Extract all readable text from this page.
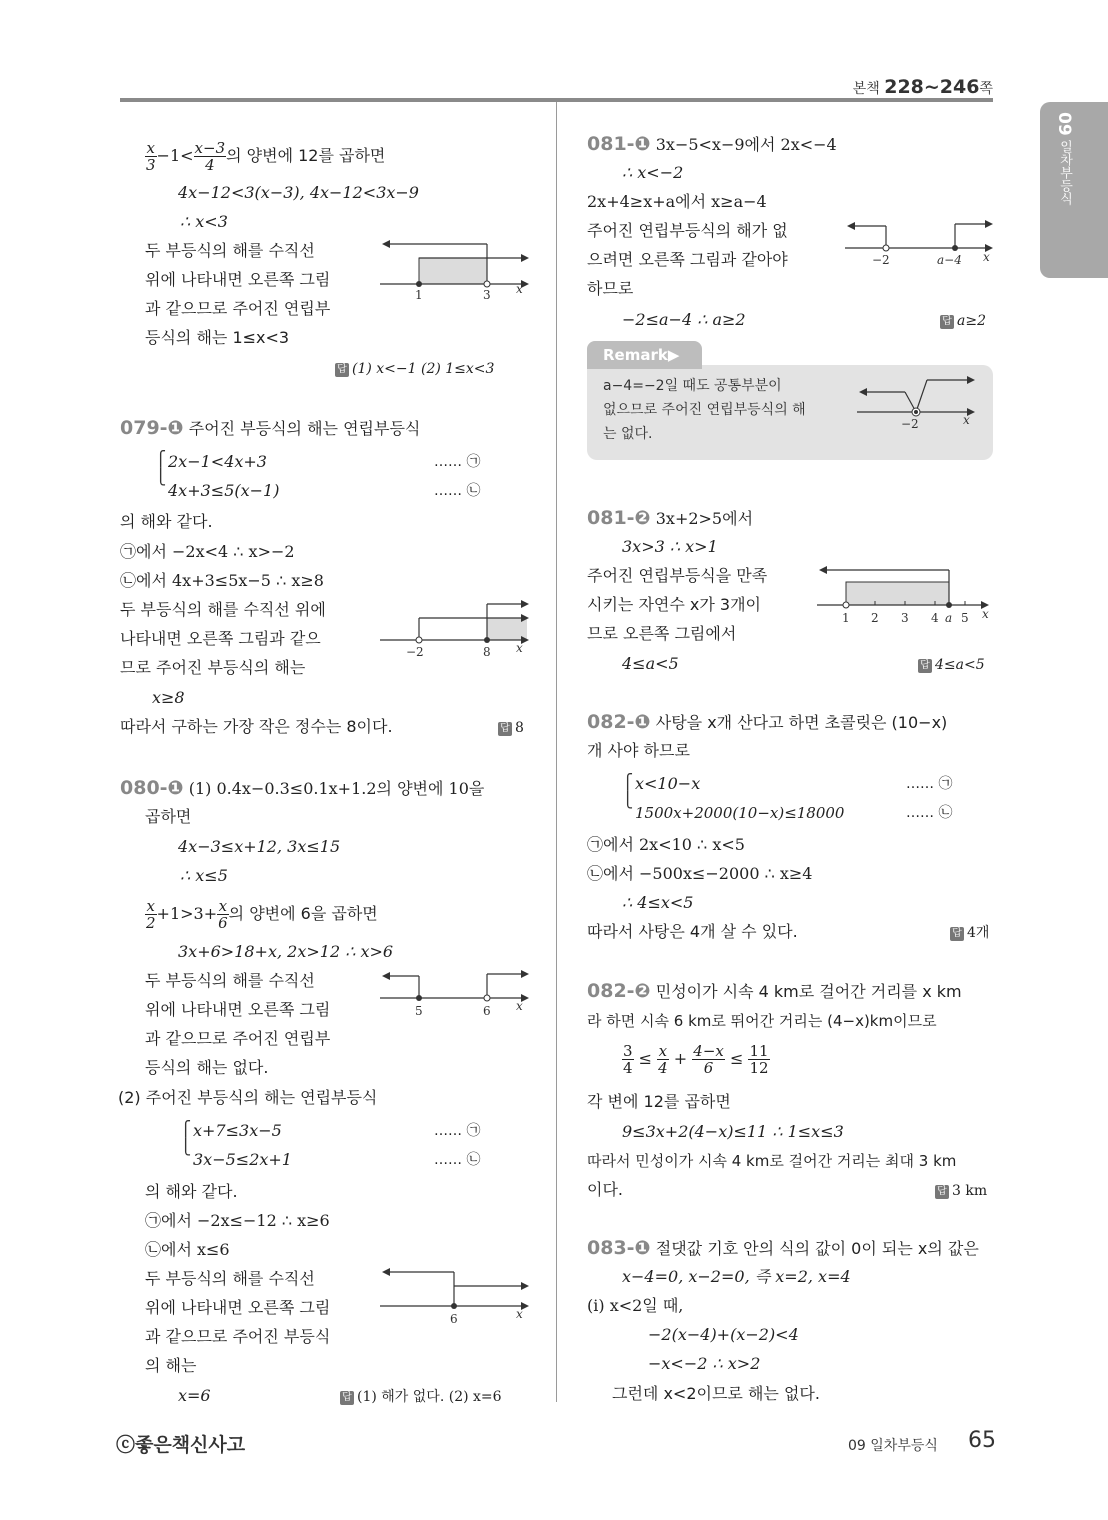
본책 228~246쪽
09 일차부등식
$\frac{x}{3} -1< \frac{x-3}{4}$ 의 양변에 12를 곱하면
4x−12<3(x−3), 4x−12<3x−9
∴ x<3
두 부등식의 해를 수직선
위에 나타내면 오른쪽 그림
과 같으므로 주어진 연립부
등식의 해는 1≤x<3
1	3 x
답 (1) x<−1 (2) 1≤x<3
079-❶ 주어진 부등식의 해는 연립부등식
⎧
⎩
2x−1<4x+3	…… ㉠
4x+3≤5(x−1)	…… ㉡
의 해와 같다.
㉠에서 −2x<4 ∴ x>−2
㉡에서 4x+3≤5x−5 ∴ x≥8
두 부등식의 해를 수직선 위에
나타내면 오른쪽 그림과 같으
므로 주어진 부등식의 해는
x≥8
−2	8 x
따라서 구하는 가장 작은 정수는 8이다.	답 8
080-❶ (1) 0.4x−0.3≤0.1x+1.2의 양변에 10을
곱하면
4x−3≤x+12, 3x≤15
∴ x≤5
$\frac{x}{2} +1>3+ \frac{x}{6}$ 의 양변에 6을 곱하면
3x+6>18+x, 2x>12 ∴ x>6
두 부등식의 해를 수직선
위에 나타내면 오른쪽 그림
과 같으므로 주어진 연립부
등식의 해는 없다.
5	6 x
(2) 주어진 부등식의 해는 연립부등식
⎧
⎩
x+7≤3x−5	…… ㉠
3x−5≤2x+1	…… ㉡
의 해와 같다.
㉠에서 −2x≤−12 ∴ x≥6
㉡에서 x≤6
두 부등식의 해를 수직선
위에 나타내면 오른쪽 그림
과 같으므로 주어진 부등식
의 해는
x=6
6	x
답 (1) 해가 없다. (2) x=6
081-❶ 3x−5<x−9에서 2x<−4
∴ x<−2
2x+4≥x+a에서 x≥a−4
주어진 연립부등식의 해가 없
으려면 오른쪽 그림과 같아야
하므로
−2	a−4 x
−2≤a−4 ∴ a≥2	답 a≥2
Remark▶
a−4=−2일 때도 공통부분이
없으므로 주어진 연립부등식의 해
는 없다.
−2	x
081-❷ 3x+2>5에서
3x>3 ∴ x>1
주어진 연립부등식을 만족
시키는 자연수 x가 3개이
므로 오른쪽 그림에서
4≤a<5
1 2 3 4 a 5 x
답 4≤a<5
082-❶ 사탕을 x개 산다고 하면 초콜릿은 (10−x)
개 사야 하므로
⎧
⎩
x<10−x	…… ㉠
1500x+2000(10−x)≤18000	…… ㉡
㉠에서 2x<10 ∴ x<5
㉡에서 −500x≤−2000 ∴ x≥4
∴ 4≤x<5
따라서 사탕은 4개 살 수 있다.	답 4개
082-❷ 민성이가 시속 4 km로 걸어간 거리를 x km
라 하면 시속 6 km로 뛰어간 거리는 (4−x)km이므로
$\frac{3}{4} \le \frac{x}{4} + \frac{4-x}{6} \le \frac{11}{12}$
각 변에 12를 곱하면
9≤3x+2(4−x)≤11 ∴ 1≤x≤3
따라서 민성이가 시속 4 km로 걸어간 거리는 최대 3 km
이다.	답 3 km
083-❶ 절댓값 기호 안의 식의 값이 0이 되는 x의 값은
x−4=0, x−2=0, 즉 x=2, x=4
(i) x<2일 때,
−2(x−4)+(x−2)<4
−x<−2 ∴ x>2
그런데 x<2이므로 해는 없다.
ⓒ좋은책신사고	09 일차부등식 65
